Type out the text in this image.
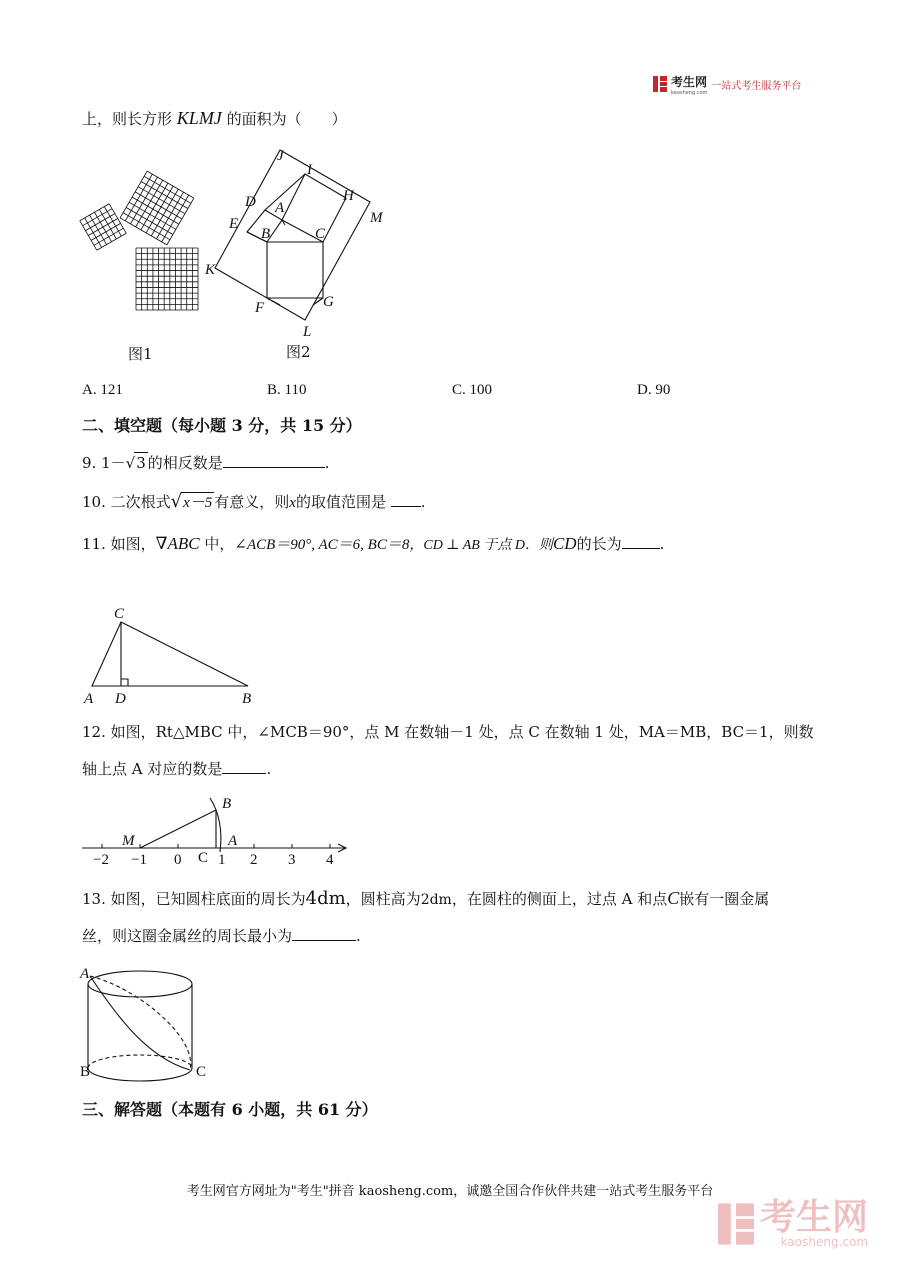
考生网
kaosheng.com
一站式考生服务平台
上，则长方形 KLMJ 的面积为（　　）
图1
J
I
H
M
D A
E
B	C
K
F	G
L
图2
A. 121	B. 110	C. 100	D. 90
二、填空题（每小题 3 分，共 15 分）
9. 1－√3 的相反数是	.
10. 二次根式√x－5 有意义，则x的取值范围是 .
11. 如图，∇ABC 中，∠ACB＝90°, AC＝6, BC＝8，CD ⊥ AB 于点 D．则CD的长为	.
C
A D	B
12. 如图，Rt△MBC 中，∠MCB＝90°，点 M 在数轴－1 处，点 C 在数轴 1 处，MA＝MB，BC＝1，则数
轴上点 A 对应的数是	.
−2 −1 0	2 3 4
1
B
M
C
A
13. 如图，已知圆柱底面的周长为4dm，圆柱高为2dm，在圆柱的侧面上，过点 A 和点C嵌有一圈金属
丝，则这圈金属丝的周长最小为	.
A
B	C
三、解答题（本题有 6 小题，共 61 分）
考生网官方网址为"考生"拼音 kaosheng.com，诚邀全国合作伙伴共建一站式考生服务平台
考生网
kaosheng.com
